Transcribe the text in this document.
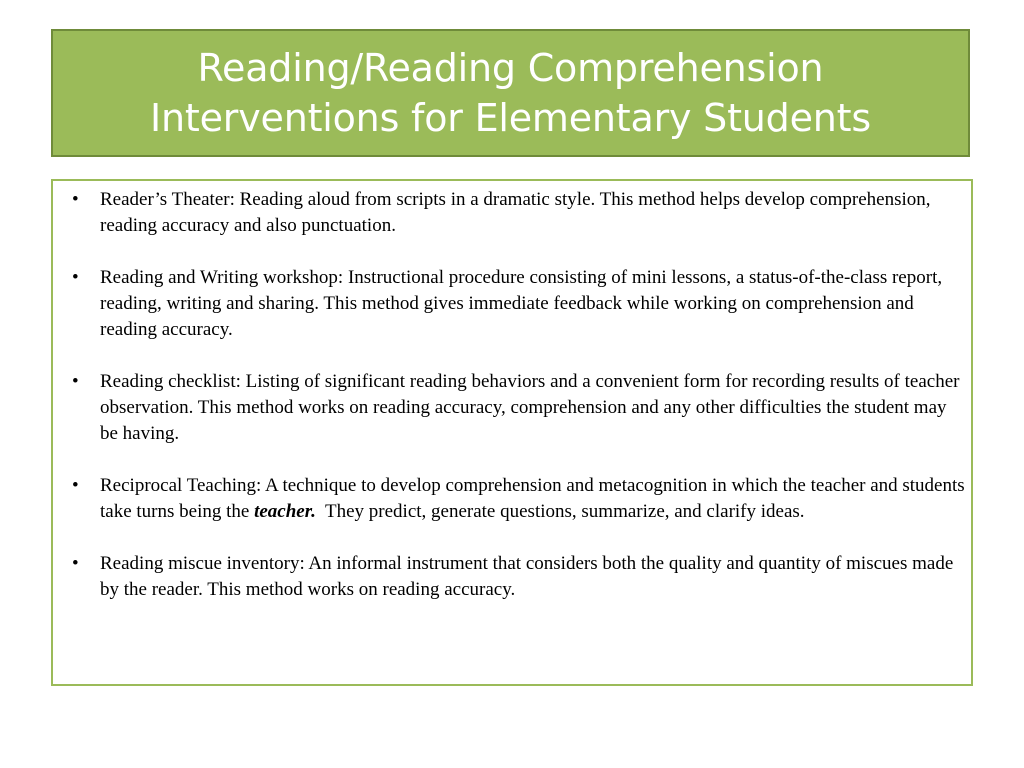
Reading/Reading Comprehension
Interventions for Elementary Students
• Reader’s Theater: Reading aloud from scripts in a dramatic style. This method helps develop comprehension, reading accuracy and also punctuation.
• Reading and Writing workshop: Instructional procedure consisting of mini lessons, a status-of-the-class report, reading, writing and sharing. This method gives immediate feedback while working on comprehension and reading accuracy.
• Reading checklist: Listing of significant reading behaviors and a convenient form for recording results of teacher observation. This method works on reading accuracy, comprehension and any other difficulties the student may be having.
• Reciprocal Teaching: A technique to develop comprehension and metacognition in which the teacher and students take turns being the teacher.  They predict, generate questions, summarize, and clarify ideas.
• Reading miscue inventory: An informal instrument that considers both the quality and quantity of miscues made by the reader. This method works on reading accuracy.
